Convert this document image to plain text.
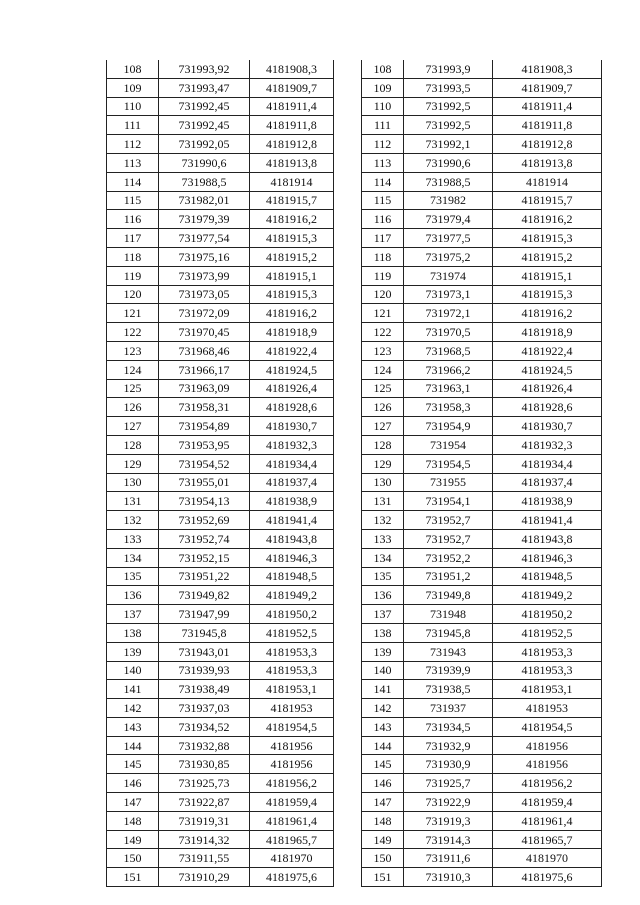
108	731993,92	4181908,3
109	731993,47	4181909,7
110	731992,45	4181911,4
111	731992,45	4181911,8
112	731992,05	4181912,8
113	731990,6	4181913,8
114	731988,5	4181914
115	731982,01	4181915,7
116	731979,39	4181916,2
117	731977,54	4181915,3
118	731975,16	4181915,2
119	731973,99	4181915,1
120	731973,05	4181915,3
121	731972,09	4181916,2
122	731970,45	4181918,9
123	731968,46	4181922,4
124	731966,17	4181924,5
125	731963,09	4181926,4
126	731958,31	4181928,6
127	731954,89	4181930,7
128	731953,95	4181932,3
129	731954,52	4181934,4
130	731955,01	4181937,4
131	731954,13	4181938,9
132	731952,69	4181941,4
133	731952,74	4181943,8
134	731952,15	4181946,3
135	731951,22	4181948,5
136	731949,82	4181949,2
137	731947,99	4181950,2
138	731945,8	4181952,5
139	731943,01	4181953,3
140	731939,93	4181953,3
141	731938,49	4181953,1
142	731937,03	4181953
143	731934,52	4181954,5
144	731932,88	4181956
145	731930,85	4181956
146	731925,73	4181956,2
147	731922,87	4181959,4
148	731919,31	4181961,4
149	731914,32	4181965,7
150	731911,55	4181970
151	731910,29	4181975,6
108	731993,9	4181908,3
109	731993,5	4181909,7
110	731992,5	4181911,4
111	731992,5	4181911,8
112	731992,1	4181912,8
113	731990,6	4181913,8
114	731988,5	4181914
115	731982	4181915,7
116	731979,4	4181916,2
117	731977,5	4181915,3
118	731975,2	4181915,2
119	731974	4181915,1
120	731973,1	4181915,3
121	731972,1	4181916,2
122	731970,5	4181918,9
123	731968,5	4181922,4
124	731966,2	4181924,5
125	731963,1	4181926,4
126	731958,3	4181928,6
127	731954,9	4181930,7
128	731954	4181932,3
129	731954,5	4181934,4
130	731955	4181937,4
131	731954,1	4181938,9
132	731952,7	4181941,4
133	731952,7	4181943,8
134	731952,2	4181946,3
135	731951,2	4181948,5
136	731949,8	4181949,2
137	731948	4181950,2
138	731945,8	4181952,5
139	731943	4181953,3
140	731939,9	4181953,3
141	731938,5	4181953,1
142	731937	4181953
143	731934,5	4181954,5
144	731932,9	4181956
145	731930,9	4181956
146	731925,7	4181956,2
147	731922,9	4181959,4
148	731919,3	4181961,4
149	731914,3	4181965,7
150	731911,6	4181970
151	731910,3	4181975,6
